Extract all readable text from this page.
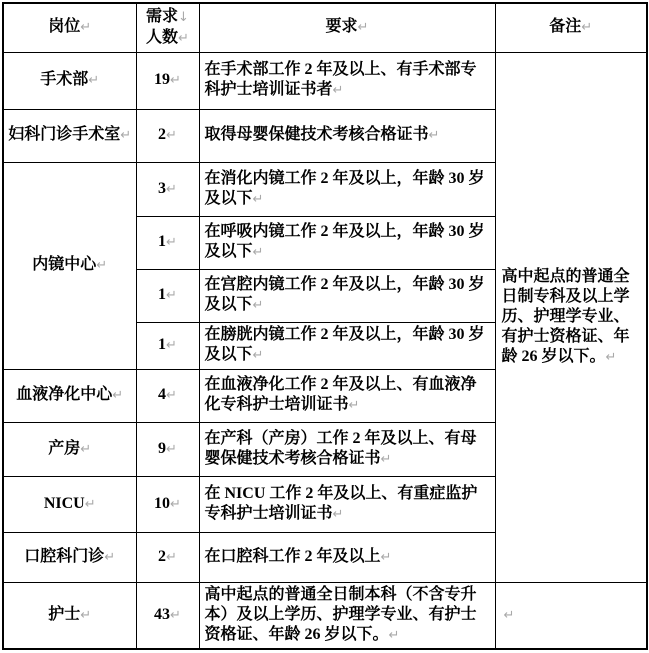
岗位↵	需求↓
人数↵	要求↵	备注↵
手术部↵	19↵	在手术部工作 2 年及以上、有手术部专科护士培训证书者↵	高中起点的普通全日制专科及以上学历、护理学专业、有护士资格证、年龄 26 岁以下。↵
妇科门诊手术室↵	2↵	取得母婴保健技术考核合格证书↵	
内镜中心↵	3↵	在消化内镜工作 2 年及以上，年龄 30 岁及以下↵	
	1↵	在呼吸内镜工作 2 年及以上，年龄 30 岁及以下↵	
	1↵	在宫腔内镜工作 2 年及以上，年龄 30 岁及以下↵	
	1↵	在膀胱内镜工作 2 年及以上，年龄 30 岁及以下↵	
血液净化中心↵	4↵	在血液净化工作 2 年及以上、有血液净化专科护士培训证书↵	
产房↵	9↵	在产科（产房）工作 2 年及以上、有母婴保健技术考核合格证书↵	
NICU↵	10↵	在 NICU 工作 2 年及以上、有重症监护专科护士培训证书↵	
口腔科门诊↵	2↵	在口腔科工作 2 年及以上↵	
护士↵	43↵	高中起点的普通全日制本科（不含专升本）及以上学历、护理学专业、有护士资格证、年龄 26 岁以下。↵	↵
